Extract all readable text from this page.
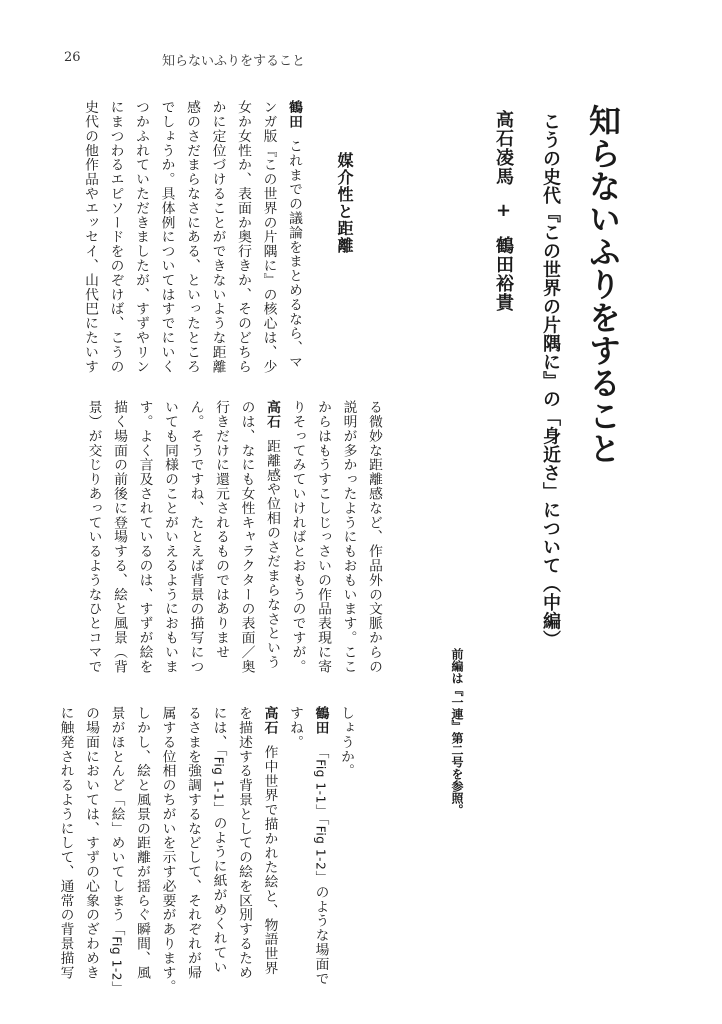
26	知らないふりをすること
知らないふりをすること
こうの史代『この世界の片隅に』の「身近さ」について（中編）
高石凌馬+鶴田裕貴
前編は『一連』第二号を参照。
媒介性と距離
鶴田これまでの議論をまとめるなら、マ
ンガ版『この世界の片隅に』の核心は、少
女か女性か、表面か奥行きか、そのどちら
かに定位づけることができないような距離
感のさだまらなさにある、といったところ
でしょうか。具体例についてはすでにいく
つかふれていただきましたが、すずやリン
にまつわるエピソードをのぞけば、こうの
史代の他作品やエッセイ、山代巴にたいす
る微妙な距離感など、作品外の文脈からの
説明が多かったようにもおもいます。ここ
からはもうすこしじっさいの作品表現に寄
りそってみていければとおもうのですが。
高石距離感や位相のさだまらなさという
のは、なにも女性キャラクターの表面／奥
行きだけに還元されるものではありませ
ん。そうですね、たとえば背景の描写につ
いても同様のことがいえるようにおもいま
す。よく言及されているのは、すずが絵を
描く場面の前後に登場する、絵と風景（背
景）が交じりあっているようなひとコマで
しょうか。
鶴田「Fig 1-1」「Fig 1-2」のような場面で
すね。
高石作中世界で描かれた絵と、物語世界
を描述する背景としての絵を区別するため
には、「Fig 1-1」のように紙がめくれてい
るさまを強調するなどして、それぞれが帰
属する位相のちがいを示す必要があります。
しかし、絵と風景の距離が揺らぐ瞬間、風
景がほとんど「絵」めいてしまう「Fig 1-2」
の場面においては、すずの心象のざわめき
に触発されるようにして、通常の背景描写
